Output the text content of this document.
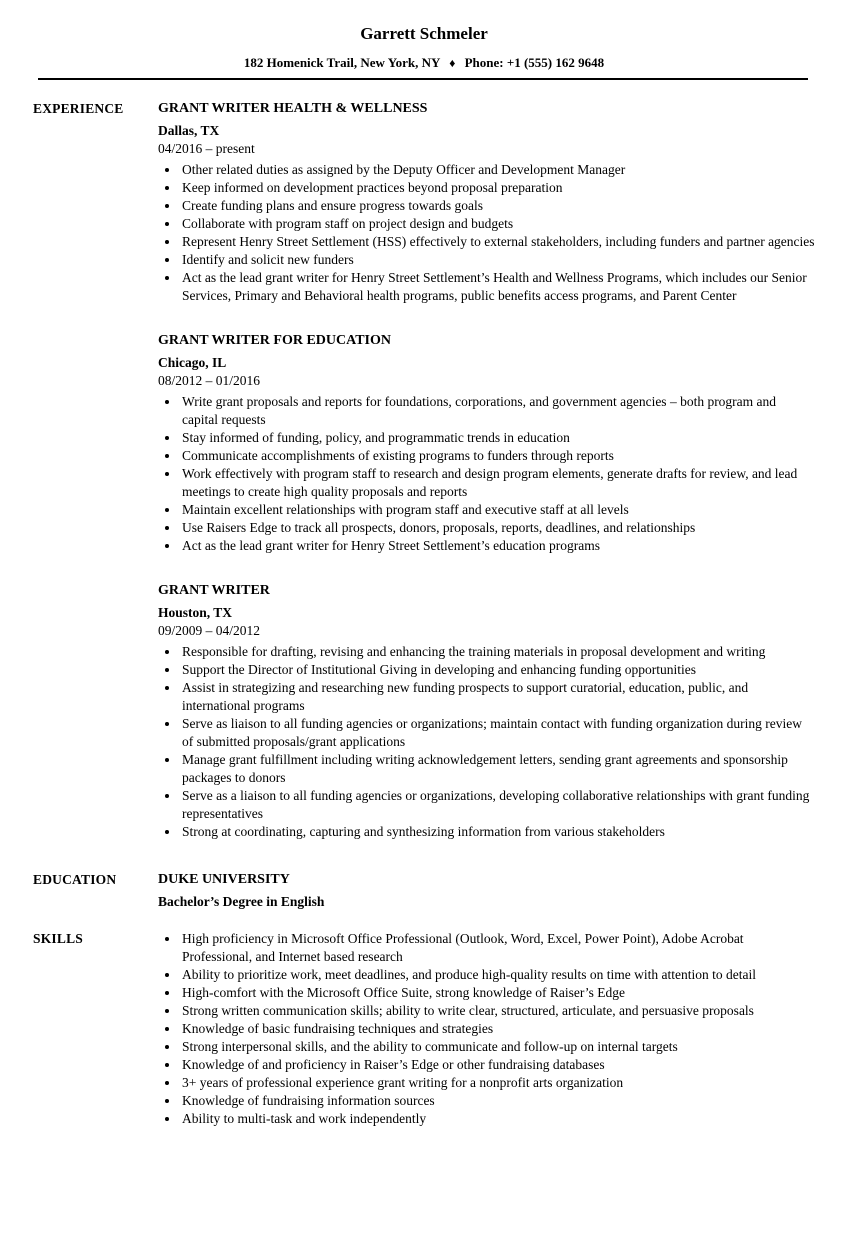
Garrett Schmeler

182 Homenick Trail, New York, NY ♦ Phone: +1 (555) 162 9648

EXPERIENCE	GRANT WRITER HEALTH & WELLNESS
Dallas, TX
04/2016 – present
• Other related duties as assigned by the Deputy Officer and Development Manager
• Keep informed on development practices beyond proposal preparation
• Create funding plans and ensure progress towards goals
• Collaborate with program staff on project design and budgets
• Represent Henry Street Settlement (HSS) effectively to external stakeholders, including funders and partner agencies
• Identify and solicit new funders
• Act as the lead grant writer for Henry Street Settlement’s Health and Wellness Programs, which includes our Senior Services, Primary and Behavioral health programs, public benefits access programs, and Parent Center
GRANT WRITER FOR EDUCATION
Chicago, IL
08/2012 – 01/2016
• Write grant proposals and reports for foundations, corporations, and government agencies – both program and capital requests
• Stay informed of funding, policy, and programmatic trends in education
• Communicate accomplishments of existing programs to funders through reports
• Work effectively with program staff to research and design program elements, generate drafts for review, and lead meetings to create high quality proposals and reports
• Maintain excellent relationships with program staff and executive staff at all levels
• Use Raisers Edge to track all prospects, donors, proposals, reports, deadlines, and relationships
• Act as the lead grant writer for Henry Street Settlement’s education programs
GRANT WRITER
Houston, TX
09/2009 – 04/2012
• Responsible for drafting, revising and enhancing the training materials in proposal development and writing
• Support the Director of Institutional Giving in developing and enhancing funding opportunities
• Assist in strategizing and researching new funding prospects to support curatorial, education, public, and international programs
• Serve as liaison to all funding agencies or organizations; maintain contact with funding organization during review of submitted proposals/grant applications
• Manage grant fulfillment including writing acknowledgement letters, sending grant agreements and sponsorship packages to donors
• Serve as a liaison to all funding agencies or organizations, developing collaborative relationships with grant funding representatives
• Strong at coordinating, capturing and synthesizing information from various stakeholders
EDUCATION	DUKE UNIVERSITY
Bachelor’s Degree in English
SKILLS	• High proficiency in Microsoft Office Professional (Outlook, Word, Excel, Power Point), Adobe Acrobat Professional, and Internet based research
• Ability to prioritize work, meet deadlines, and produce high-quality results on time with attention to detail
• High-comfort with the Microsoft Office Suite, strong knowledge of Raiser’s Edge
• Strong written communication skills; ability to write clear, structured, articulate, and persuasive proposals
• Knowledge of basic fundraising techniques and strategies
• Strong interpersonal skills, and the ability to communicate and follow-up on internal targets
• Knowledge of and proficiency in Raiser’s Edge or other fundraising databases
• 3+ years of professional experience grant writing for a nonprofit arts organization
• Knowledge of fundraising information sources
• Ability to multi-task and work independently
